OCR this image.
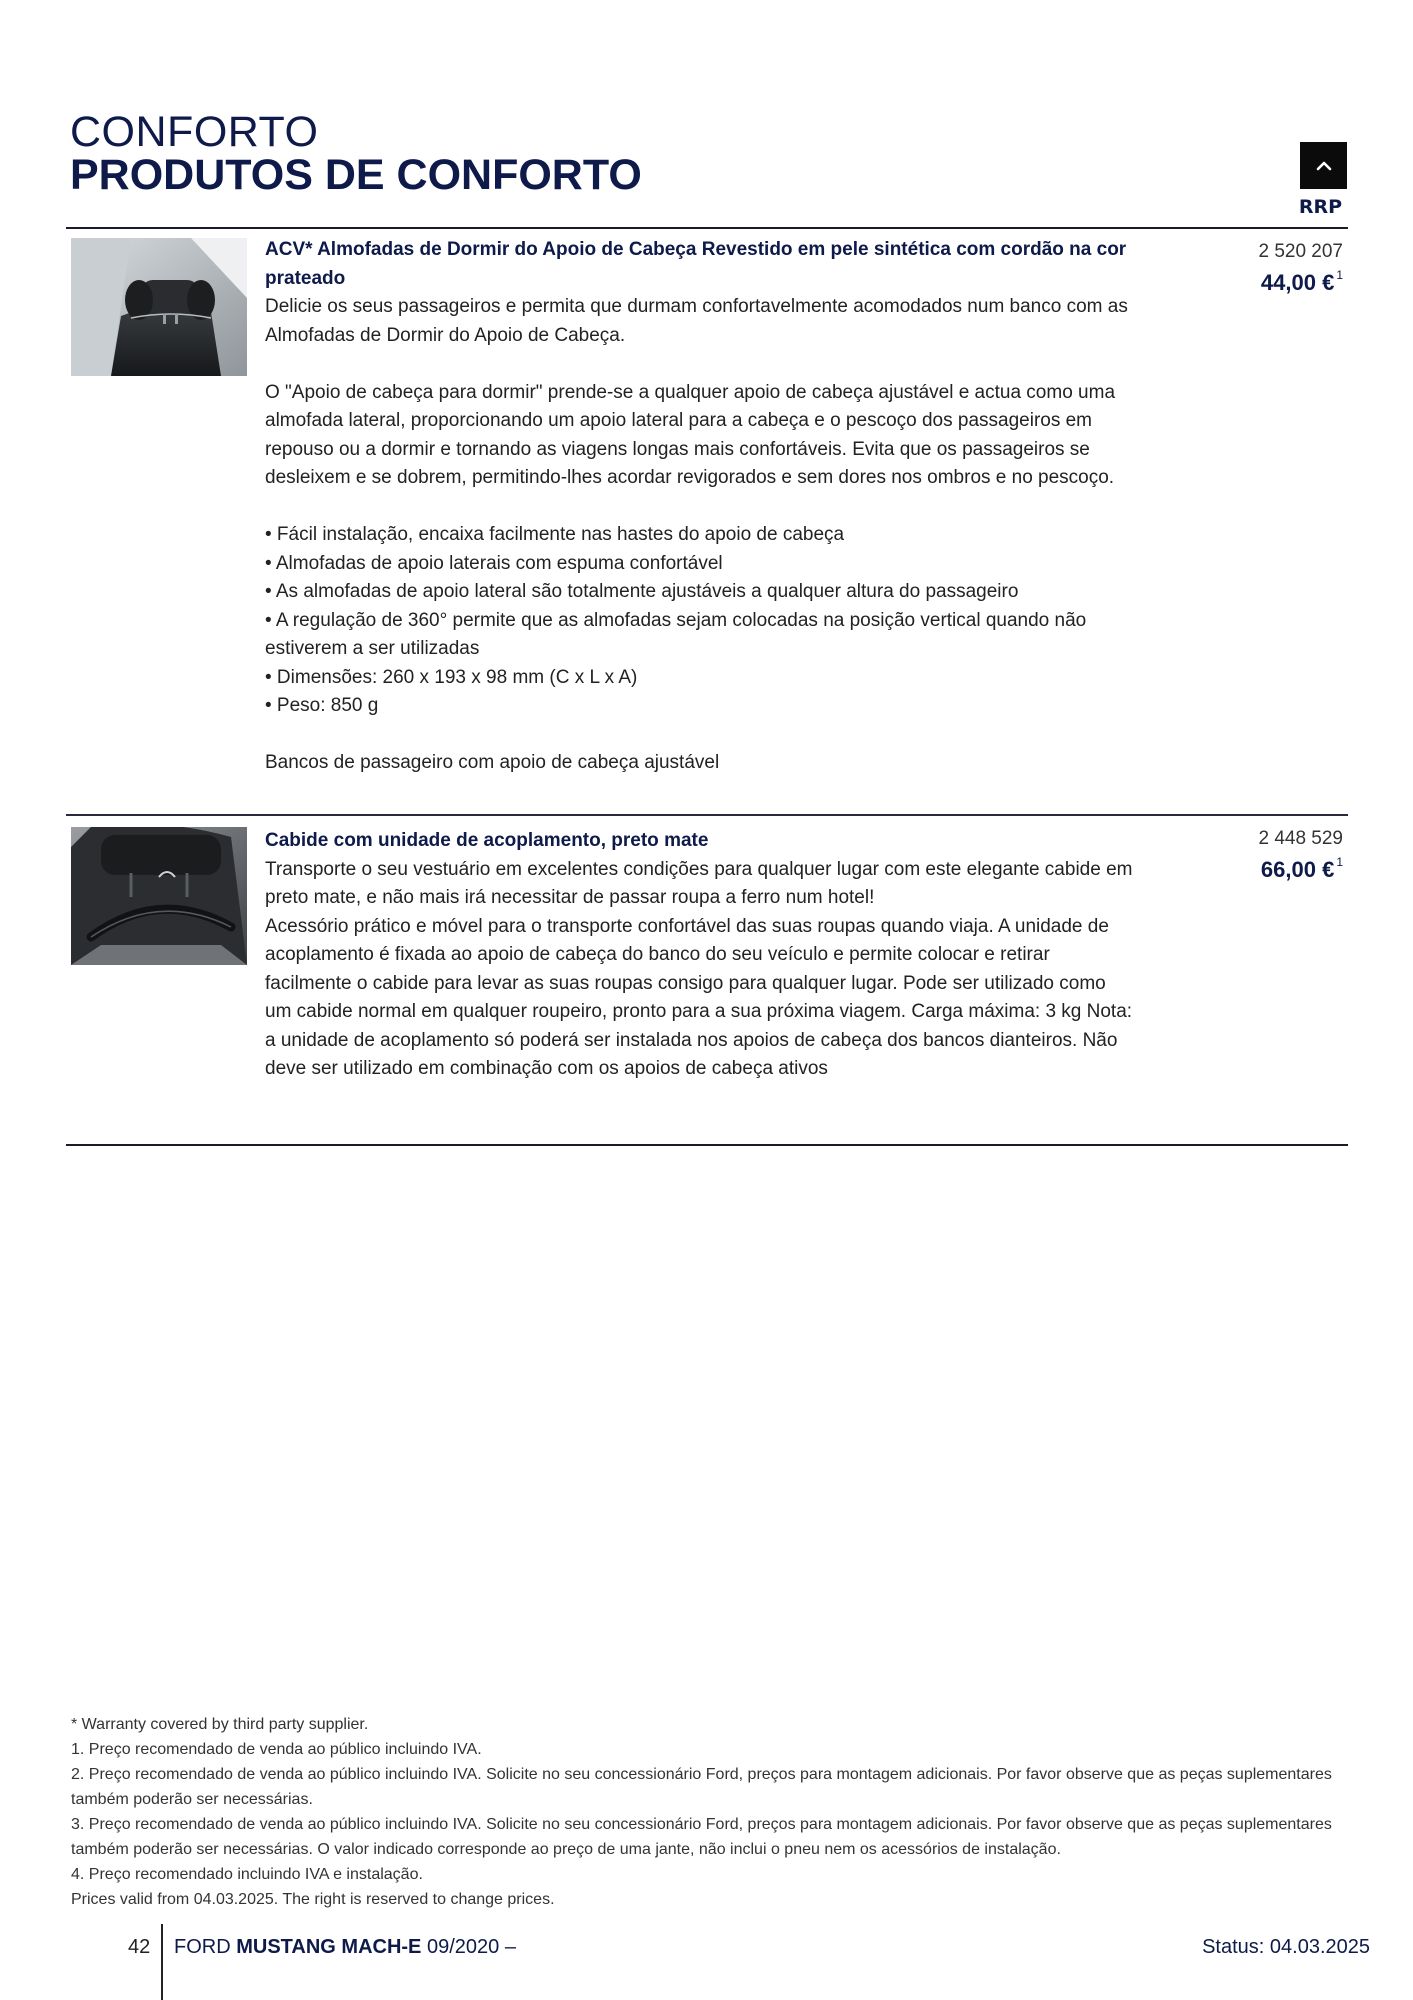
CONFORTO
PRODUTOS DE CONFORTO
RRP
ACV* Almofadas de Dormir do Apoio de Cabeça Revestido em pele sintética com cordão na cor prateado

Delicie os seus passageiros e permita que durmam confortavelmente acomodados num banco com as Almofadas de Dormir do Apoio de Cabeça.

O "Apoio de cabeça para dormir" prende-se a qualquer apoio de cabeça ajustável e actua como uma almofada lateral, proporcionando um apoio lateral para a cabeça e o pescoço dos passageiros em repouso ou a dormir e tornando as viagens longas mais confortáveis. Evita que os passageiros se desleixem e se dobrem, permitindo-lhes acordar revigorados e sem dores nos ombros e no pescoço.

• Fácil instalação, encaixa facilmente nas hastes do apoio de cabeça
• Almofadas de apoio laterais com espuma confortável
• As almofadas de apoio lateral são totalmente ajustáveis a qualquer altura do passageiro
• A regulação de 360° permite que as almofadas sejam colocadas na posição vertical quando não estiverem a ser utilizadas
• Dimensões: 260 x 193 x 98 mm (C x L x A)
• Peso: 850 g

Bancos de passageiro com apoio de cabeça ajustável

2 520 207
44,00 € $^1$
Cabide com unidade de acoplamento, preto mate

Transporte o seu vestuário em excelentes condições para qualquer lugar com este elegante cabide em preto mate, e não mais irá necessitar de passar roupa a ferro num hotel!
Acessório prático e móvel para o transporte confortável das suas roupas quando viaja. A unidade de acoplamento é fixada ao apoio de cabeça do banco do seu veículo e permite colocar e retirar facilmente o cabide para levar as suas roupas consigo para qualquer lugar. Pode ser utilizado como um cabide normal em qualquer roupeiro, pronto para a sua próxima viagem. Carga máxima: 3 kg Nota: a unidade de acoplamento só poderá ser instalada nos apoios de cabeça dos bancos dianteiros. Não deve ser utilizado em combinação com os apoios de cabeça ativos

2 448 529
66,00 € $^1$
* Warranty covered by third party supplier.
1. Preço recomendado de venda ao público incluindo IVA.
2. Preço recomendado de venda ao público incluindo IVA. Solicite no seu concessionário Ford, preços para montagem adicionais. Por favor observe que as peças suplementares também poderão ser necessárias.
3. Preço recomendado de venda ao público incluindo IVA. Solicite no seu concessionário Ford, preços para montagem adicionais. Por favor observe que as peças suplementares também poderão ser necessárias. O valor indicado corresponde ao preço de uma jante, não inclui o pneu nem os acessórios de instalação.
4. Preço recomendado incluindo IVA e instalação.
Prices valid from 04.03.2025. The right is reserved to change prices.
42 FORD MUSTANG MACH-E 09/2020 –	Status: 04.03.2025
